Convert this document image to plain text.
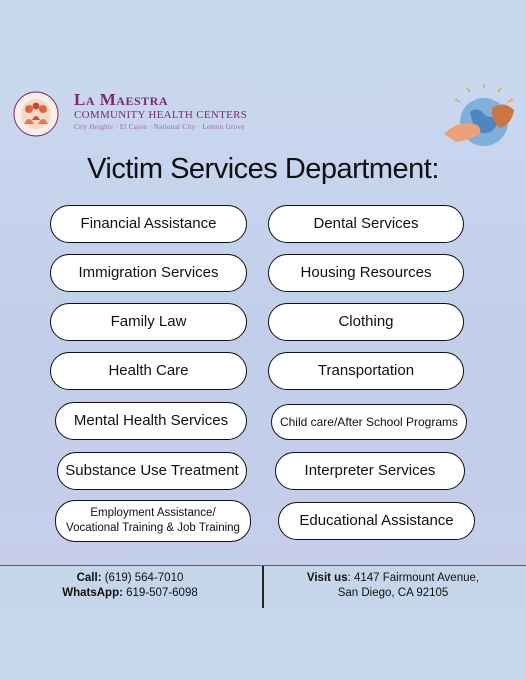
La Maestra
COMMUNITY HEALTH CENTERS
City Heights · El Cajon · National City · Lemon Grove
Victim Services Department:
Financial Assistance
Immigration Services
Family Law
Health Care
Mental Health Services
Substance Use Treatment
Employment Assistance/
Vocational Training & Job Training
Dental Services
Housing Resources
Clothing
Transportation
Child care/After School Programs
Interpreter Services
Educational Assistance
Call: (619) 564-7010
WhatsApp: 619-507-6098
Visit us: 4147 Fairmount Avenue,
San Diego, CA 92105
